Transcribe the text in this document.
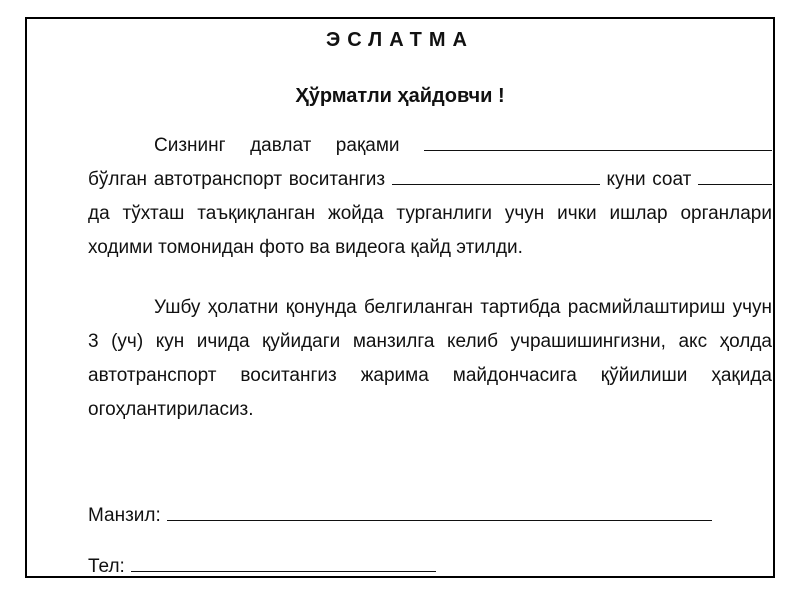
ЭСЛАТМА
Ҳўрматли ҳайдовчи !
Сизнинг давлат рақами  бўлган автотранспорт воситангиз	куни соат  да тўхташ таъқиқланган жойда турганлиги учун ички ишлар органлари ходими томонидан фото ва видеога қайд этилди.
Ушбу ҳолатни қонунда белгиланган тартибда расмийлаштириш учун 3 (уч) кун ичида қуйидаги манзилга келиб учрашишингизни, акс ҳолда автотранспорт воситангиз жарима майдончасига қўйилиши ҳақида огоҳлантириласиз.
Манзил:
Тел:
